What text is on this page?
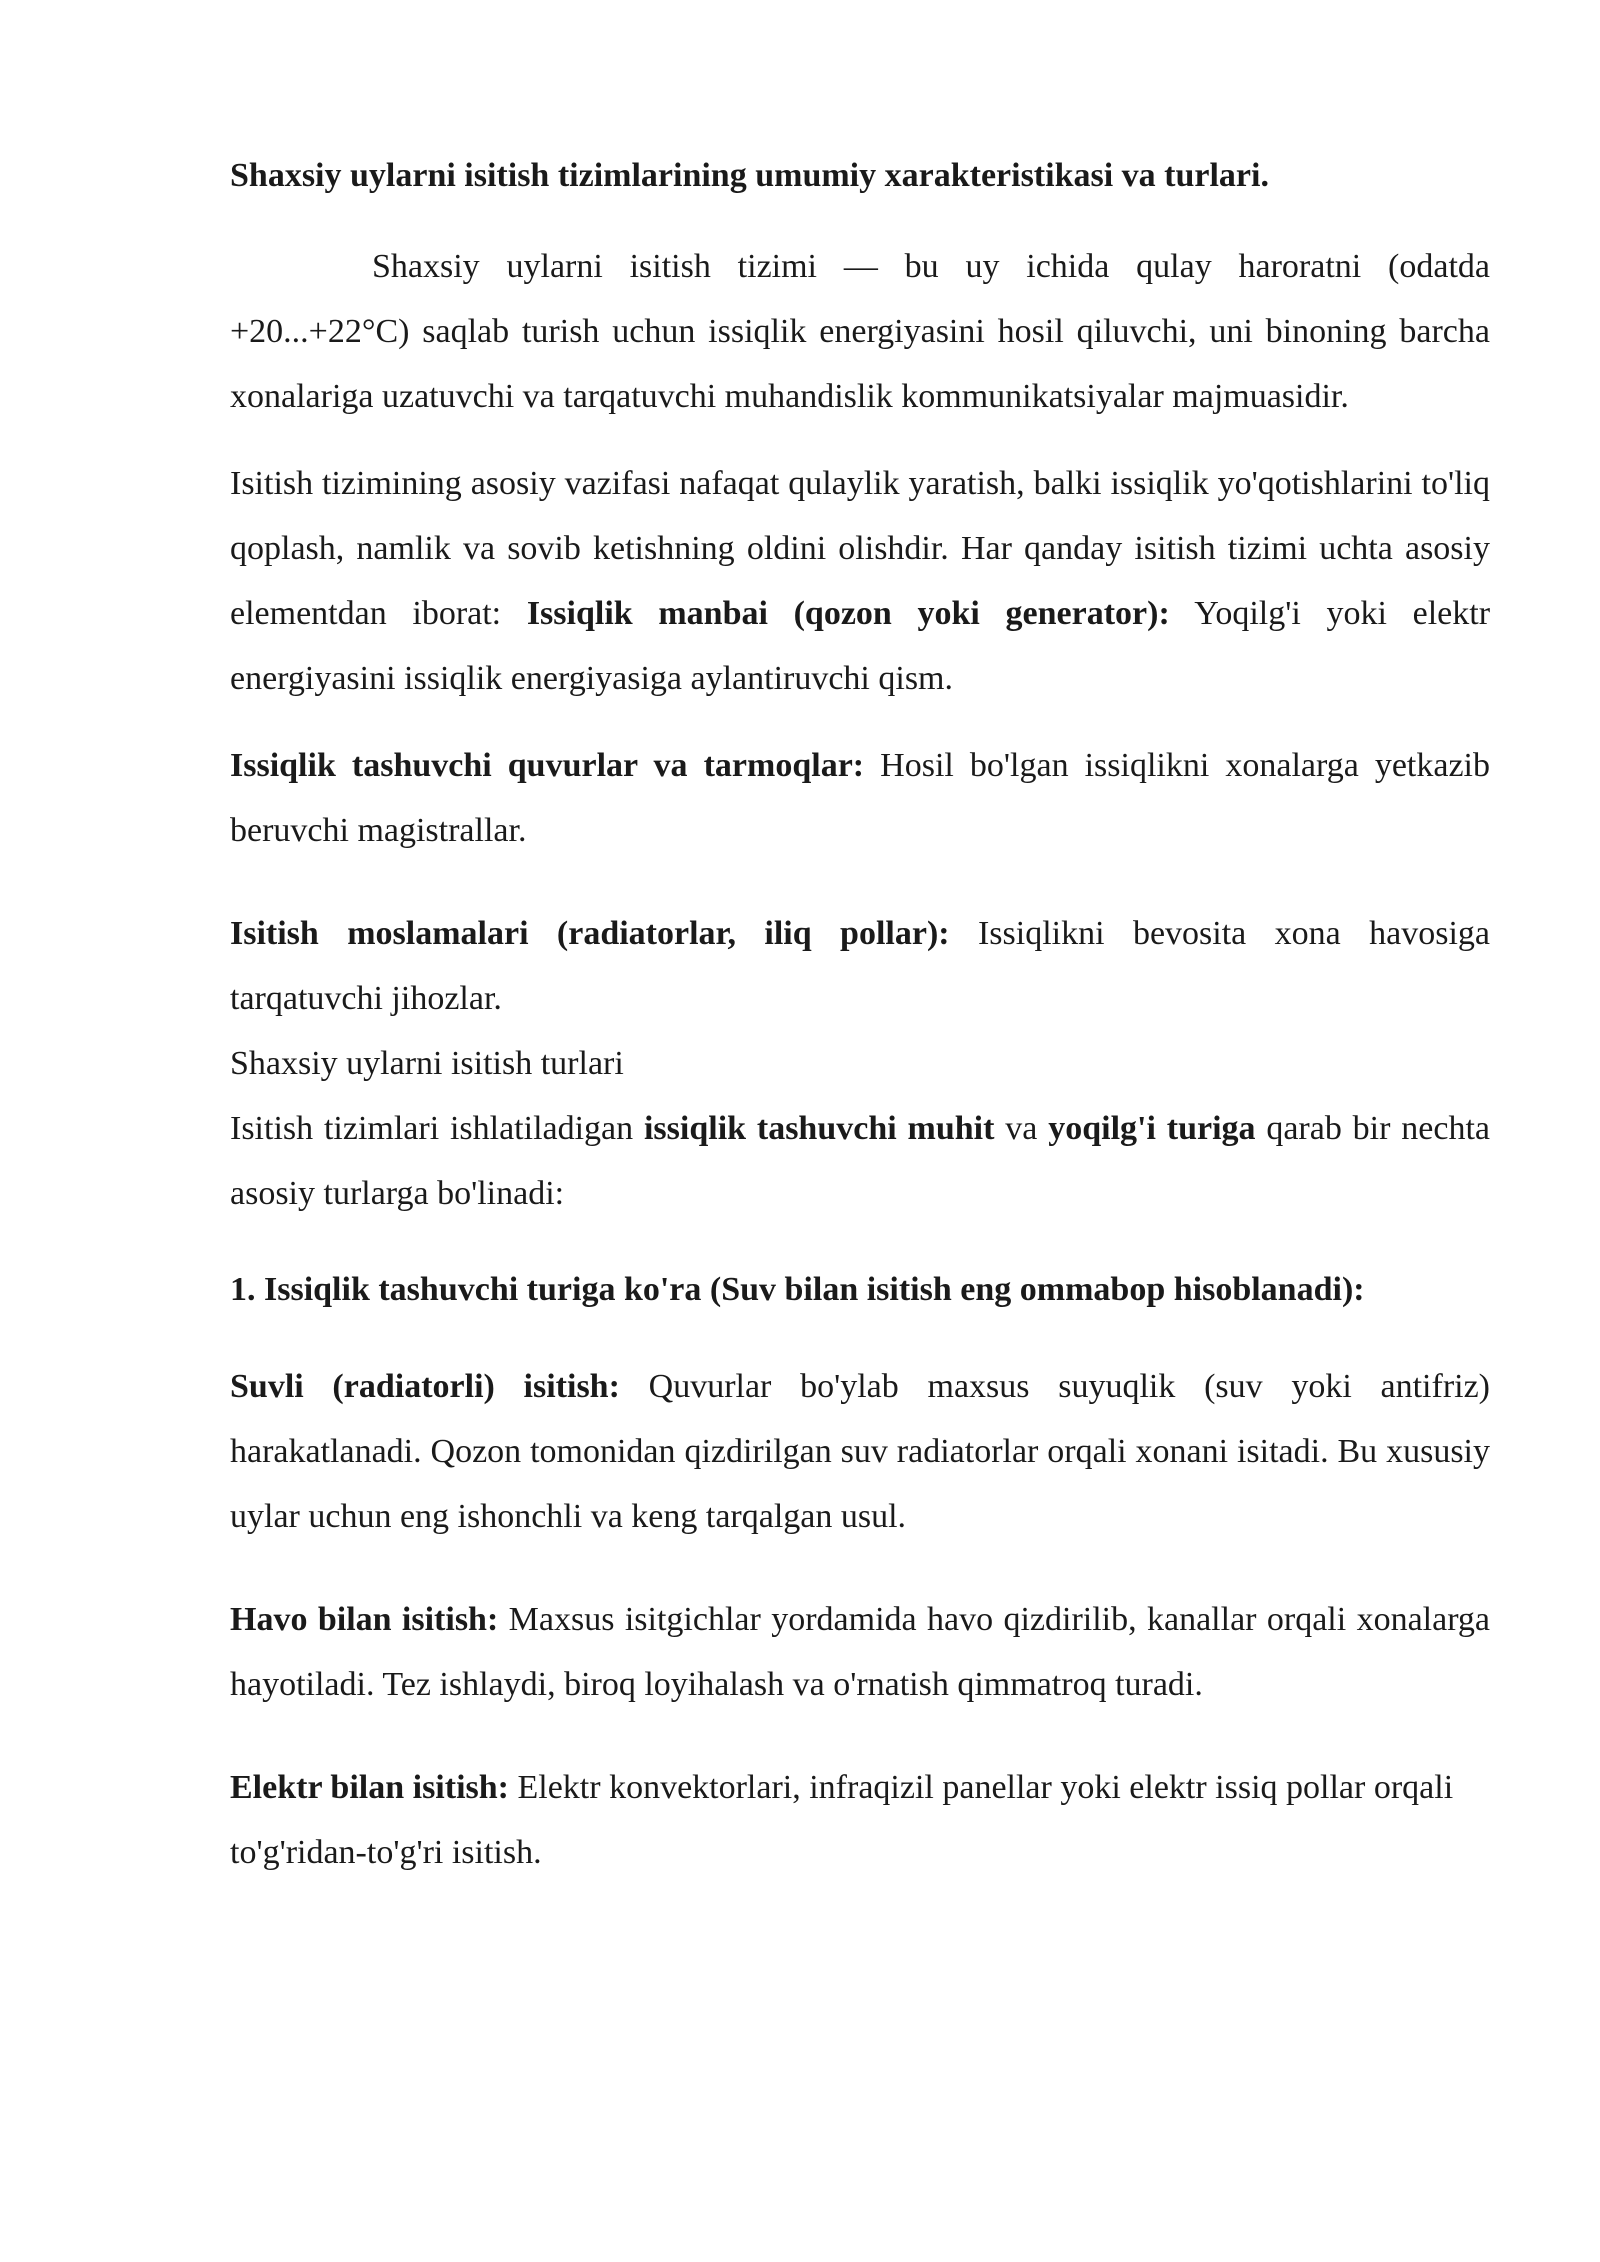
Shaxsiy uylarni isitish tizimlarining umumiy xarakteristikasi va turlari.

Shaxsiy uylarni isitish tizimi — bu uy ichida qulay haroratni (odatda +20...+22°C) saqlab turish uchun issiqlik energiyasini hosil qiluvchi, uni binoning barcha xonalariga uzatuvchi va tarqatuvchi muhandislik kommunikatsiyalar majmuasidir.

Isitish tizimining asosiy vazifasi nafaqat qulaylik yaratish, balki issiqlik yo'qotishlarini to'liq qoplash, namlik va sovib ketishning oldini olishdir. Har qanday isitish tizimi uchta asosiy elementdan iborat: Issiqlik manbai (qozon yoki generator): Yoqilg'i yoki elektr energiyasini issiqlik energiyasiga aylantiruvchi qism.

Issiqlik tashuvchi quvurlar va tarmoqlar: Hosil bo'lgan issiqlikni xonalarga yetkazib beruvchi magistrallar.

Isitish moslamalari (radiatorlar, iliq pollar): Issiqlikni bevosita xona havosiga tarqatuvchi jihozlar.

Shaxsiy uylarni isitish turlari

Isitish tizimlari ishlatiladigan issiqlik tashuvchi muhit va yoqilg'i turiga qarab bir nechta asosiy turlarga bo'linadi:

1. Issiqlik tashuvchi turiga ko'ra (Suv bilan isitish eng ommabop hisoblanadi):

Suvli (radiatorli) isitish: Quvurlar bo'ylab maxsus suyuqlik (suv yoki antifriz) harakatlanadi. Qozon tomonidan qizdirilgan suv radiatorlar orqali xonani isitadi. Bu xususiy uylar uchun eng ishonchli va keng tarqalgan usul.

Havo bilan isitish: Maxsus isitgichlar yordamida havo qizdirilib, kanallar orqali xonalarga hayotiladi. Tez ishlaydi, biroq loyihalash va o'rnatish qimmatroq turadi.

Elektr bilan isitish: Elektr konvektorlari, infraqizil panellar yoki elektr issiq pollar orqali to'g'ridan-to'g'ri isitish.
